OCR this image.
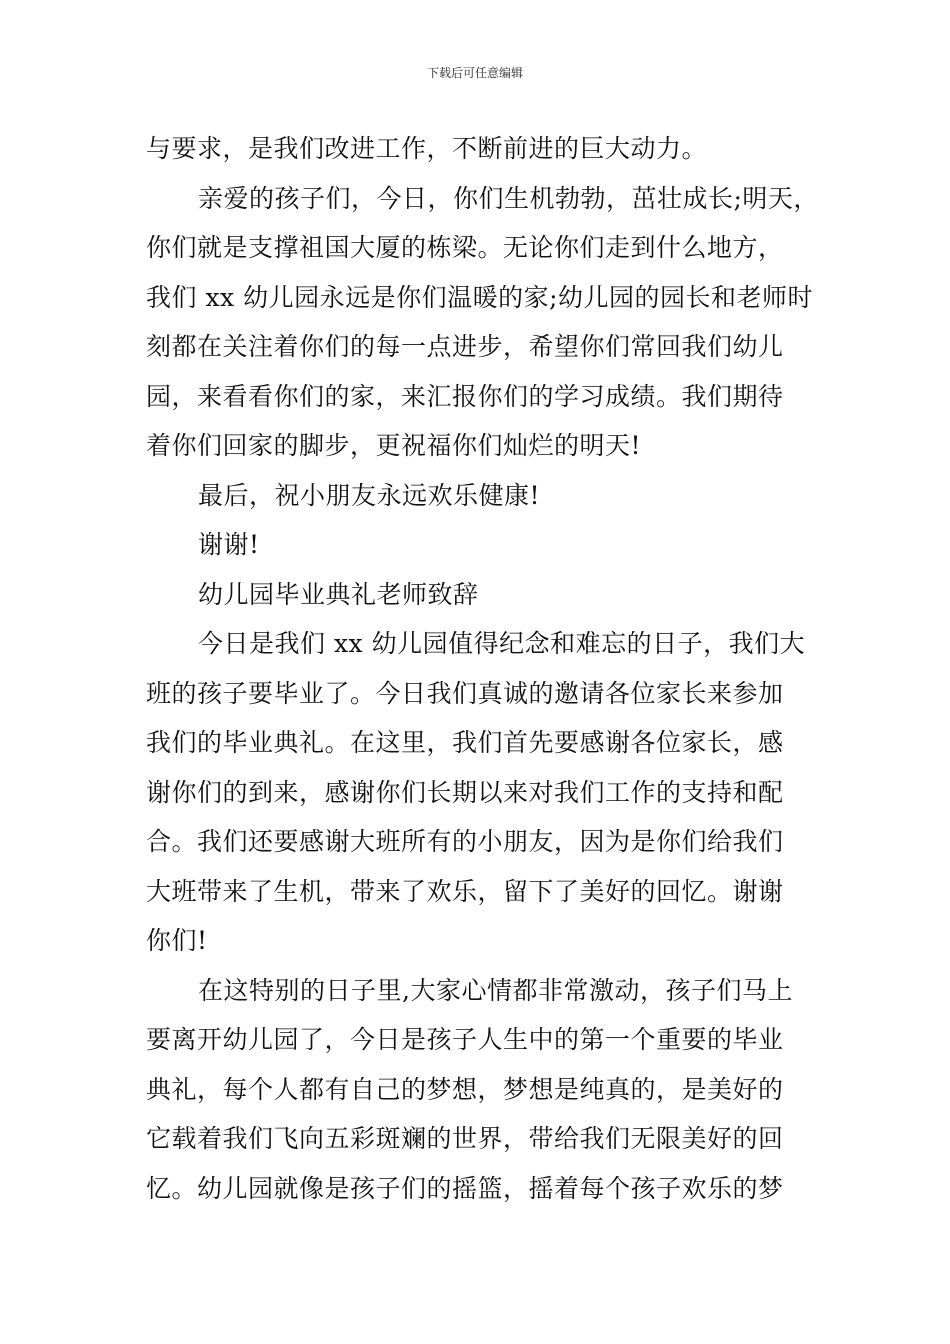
下载后可任意编辑
与要求，是我们改进工作，不断前进的巨大动力。
亲爱的孩子们，今日，你们生机勃勃，茁壮成长;明天，
你们就是支撑祖国大厦的栋梁。无论你们走到什么地方，
我们 xx 幼儿园永远是你们温暖的家;幼儿园的园长和老师时
刻都在关注着你们的每一点进步，希望你们常回我们幼儿
园，来看看你们的家，来汇报你们的学习成绩。我们期待
着你们回家的脚步，更祝福你们灿烂的明天!
最后，祝小朋友永远欢乐健康!
谢谢!
幼儿园毕业典礼老师致辞
今日是我们 xx 幼儿园值得纪念和难忘的日子，我们大
班的孩子要毕业了。今日我们真诚的邀请各位家长来参加
我们的毕业典礼。在这里，我们首先要感谢各位家长，感
谢你们的到来，感谢你们长期以来对我们工作的支持和配
合。我们还要感谢大班所有的小朋友，因为是你们给我们
大班带来了生机，带来了欢乐，留下了美好的回忆。谢谢
你们!
在这特别的日子里,大家心情都非常激动，孩子们马上
要离开幼儿园了，今日是孩子人生中的第一个重要的毕业
典礼，每个人都有自己的梦想，梦想是纯真的，是美好的
它载着我们飞向五彩斑斓的世界，带给我们无限美好的回
忆。幼儿园就像是孩子们的摇篮，摇着每个孩子欢乐的梦
